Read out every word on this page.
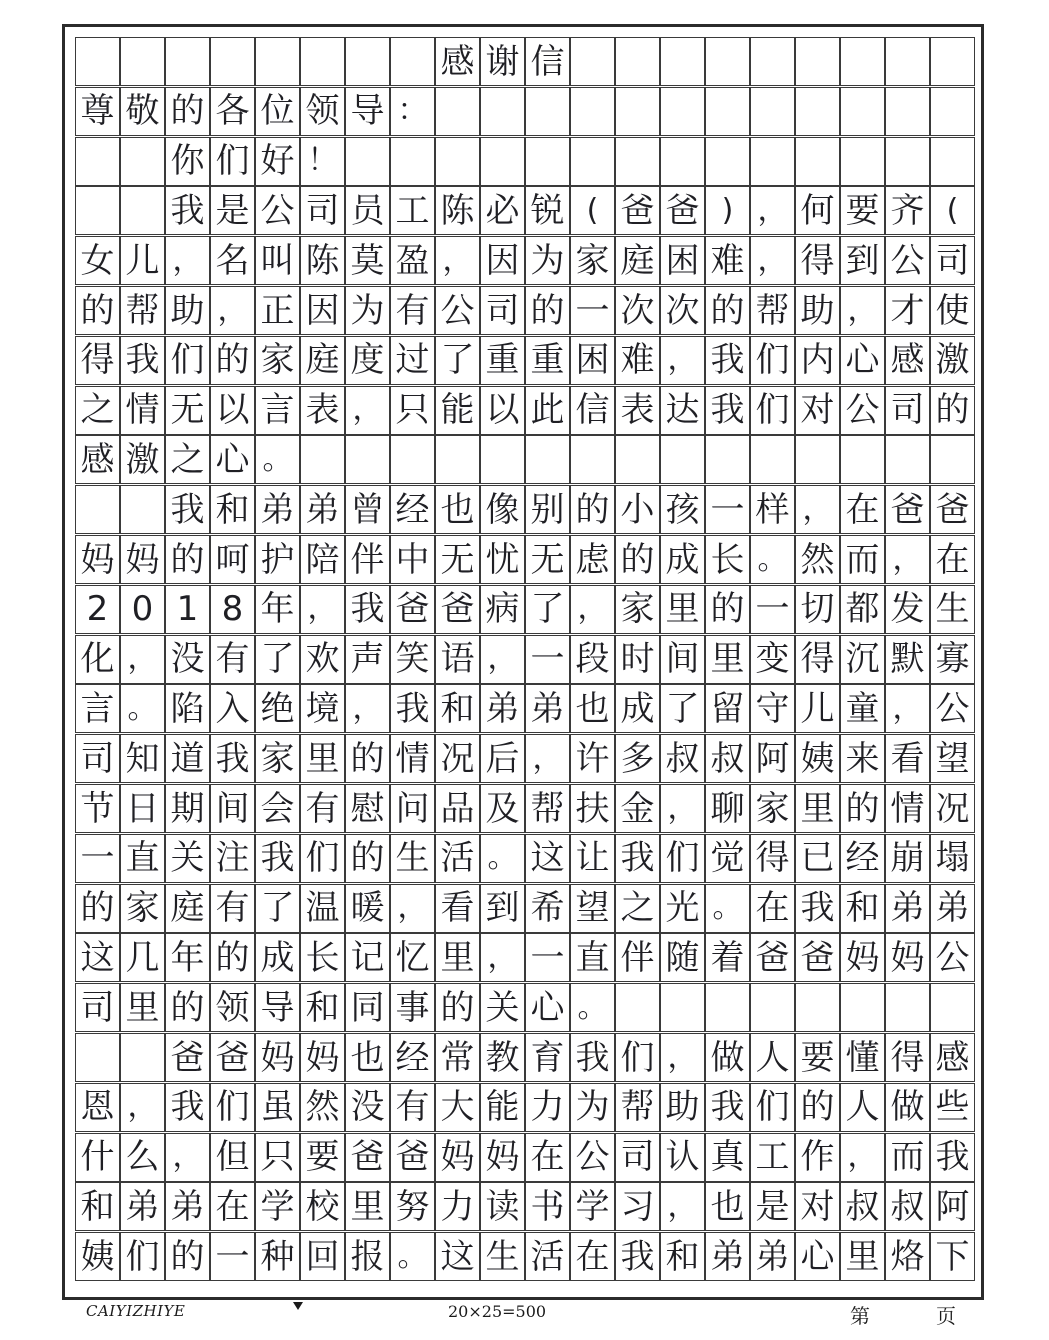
感 谢 信
尊 敬 的 各 位 领 导 ：
你 们 好 ！
我 是 公 司 员 工 陈 必 锐 ( 爸 爸 ) ， 何 要 齐 (
女 儿 ， 名 叫 陈 莫 盈 ， 因 为 家 庭 困 难 ， 得 到 公 司
的 帮 助 ， 正 因 为 有 公 司 的 一 次 次 的 帮 助 ， 才 使
得 我 们 的 家 庭 度 过 了 重 重 困 难 ， 我 们 内 心 感 激
之 情 无 以 言 表 ， 只 能 以 此 信 表 达 我 们 对 公 司 的
感 激 之 心 。
我 和 弟 弟 曾 经 也 像 别 的 小 孩 一 样 ， 在 爸 爸
妈 妈 的 呵 护 陪 伴 中 无 忧 无 虑 的 成 长 。 然 而 ， 在
2 0 1 8 年 ， 我 爸 爸 病 了 ， 家 里 的 一 切 都 发 生
化 ， 没 有 了 欢 声 笑 语 ， 一 段 时 间 里 变 得 沉 默 寡
言 。 陷 入 绝 境 ， 我 和 弟 弟 也 成 了 留 守 儿 童 ， 公
司 知 道 我 家 里 的 情 况 后 ， 许 多 叔 叔 阿 姨 来 看 望
节 日 期 间 会 有 慰 问 品 及 帮 扶 金 ， 聊 家 里 的 情 况
一 直 关 注 我 们 的 生 活 。 这 让 我 们 觉 得 已 经 崩 塌
的 家 庭 有 了 温 暖 ， 看 到 希 望 之 光 。 在 我 和 弟 弟
这 几 年 的 成 长 记 忆 里 ， 一 直 伴 随 着 爸 爸 妈 妈 公
司 里 的 领 导 和 同 事 的 关 心 。
爸 爸 妈 妈 也 经 常 教 育 我 们 ， 做 人 要 懂 得 感
恩 ， 我 们 虽 然 没 有 大 能 力 为 帮 助 我 们 的 人 做 些
什 么 ， 但 只 要 爸 爸 妈 妈 在 公 司 认 真 工 作 ， 而 我
和 弟 弟 在 学 校 里 努 力 读 书 学 习 ， 也 是 对 叔 叔 阿
姨 们 的 一 种 回 报 。 这 生 活 在 我 和 弟 弟 心 里 烙 下
CAIYIZHIYE	20×25=500	第	页
